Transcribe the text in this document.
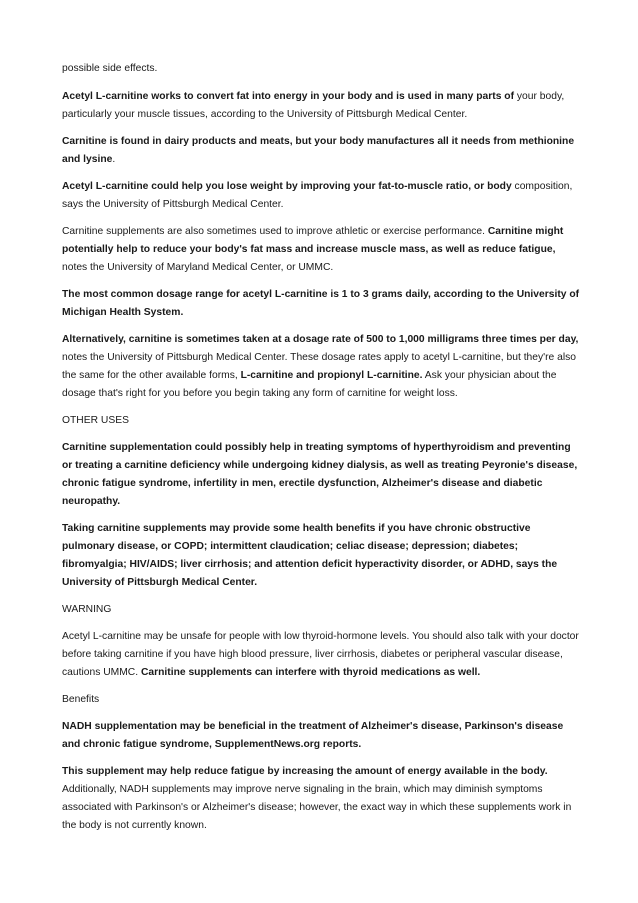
possible side effects.

Acetyl L-carnitine works to convert fat into energy in your body and is used in many parts of your body, particularly your muscle tissues, according to the University of Pittsburgh Medical Center.

Carnitine is found in dairy products and meats, but your body manufactures all it needs from methionine and lysine.

Acetyl L-carnitine could help you lose weight by improving your fat-to-muscle ratio, or body composition, says the University of Pittsburgh Medical Center.

Carnitine supplements are also sometimes used to improve athletic or exercise performance. Carnitine might potentially help to reduce your body's fat mass and increase muscle mass, as well as reduce fatigue, notes the University of Maryland Medical Center, or UMMC.

The most common dosage range for acetyl L-carnitine is 1 to 3 grams daily, according to the University of Michigan Health System.

Alternatively, carnitine is sometimes taken at a dosage rate of 500 to 1,000 milligrams three times per day, notes the University of Pittsburgh Medical Center. These dosage rates apply to acetyl L-carnitine, but they're also the same for the other available forms, L-carnitine and propionyl L-carnitine. Ask your physician about the dosage that's right for you before you begin taking any form of carnitine for weight loss.

OTHER USES

Carnitine supplementation could possibly help in treating symptoms of hyperthyroidism and preventing or treating a carnitine deficiency while undergoing kidney dialysis, as well as treating Peyronie's disease, chronic fatigue syndrome, infertility in men, erectile dysfunction, Alzheimer's disease and diabetic neuropathy.

Taking carnitine supplements may provide some health benefits if you have chronic obstructive pulmonary disease, or COPD; intermittent claudication; celiac disease; depression; diabetes; fibromyalgia; HIV/AIDS; liver cirrhosis; and attention deficit hyperactivity disorder, or ADHD, says the University of Pittsburgh Medical Center.

WARNING

Acetyl L-carnitine may be unsafe for people with low thyroid-hormone levels. You should also talk with your doctor before taking carnitine if you have high blood pressure, liver cirrhosis, diabetes or peripheral vascular disease, cautions UMMC. Carnitine supplements can interfere with thyroid medications as well.

Benefits

NADH supplementation may be beneficial in the treatment of Alzheimer's disease, Parkinson's disease and chronic fatigue syndrome, SupplementNews.org reports.

This supplement may help reduce fatigue by increasing the amount of energy available in the body. Additionally, NADH supplements may improve nerve signaling in the brain, which may diminish symptoms associated with Parkinson's or Alzheimer's disease; however, the exact way in which these supplements work in the body is not currently known.
